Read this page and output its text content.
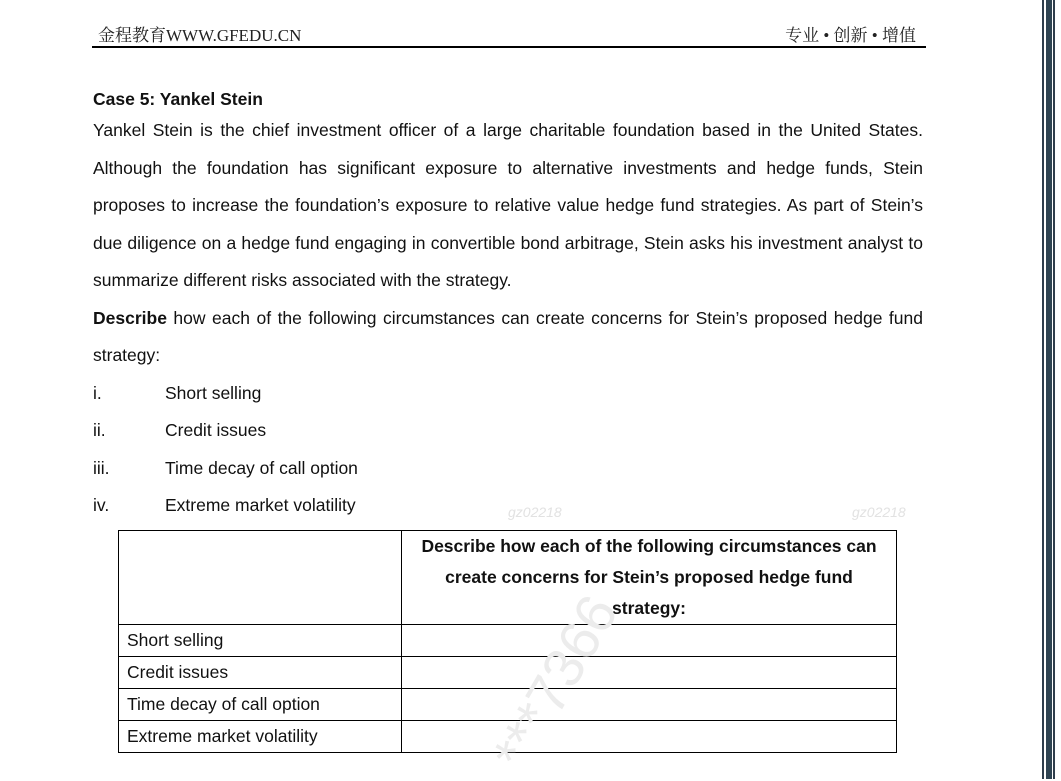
金程教育WWW.GFEDU.CN	专业 • 创新 • 增值

Case 5: Yankel Stein

Yankel Stein is the chief investment officer of a large charitable foundation based in the United States. Although the foundation has significant exposure to alternative investments and hedge funds, Stein proposes to increase the foundation’s exposure to relative value hedge fund strategies. As part of Stein’s due diligence on a hedge fund engaging in convertible bond arbitrage, Stein asks his investment analyst to summarize different risks associated with the strategy.

Describe how each of the following circumstances can create concerns for Stein’s proposed hedge fund strategy:

i.	Short selling
ii.	Credit issues
iii.	Time decay of call option
iv.	Extreme market volatility	gz02218	gz02218
	Describe how each of the following circumstances can create concerns for Stein’s proposed hedge fund strategy:
Short selling	
Credit issues	
Time decay of call option	
Extreme market volatility		***7366
